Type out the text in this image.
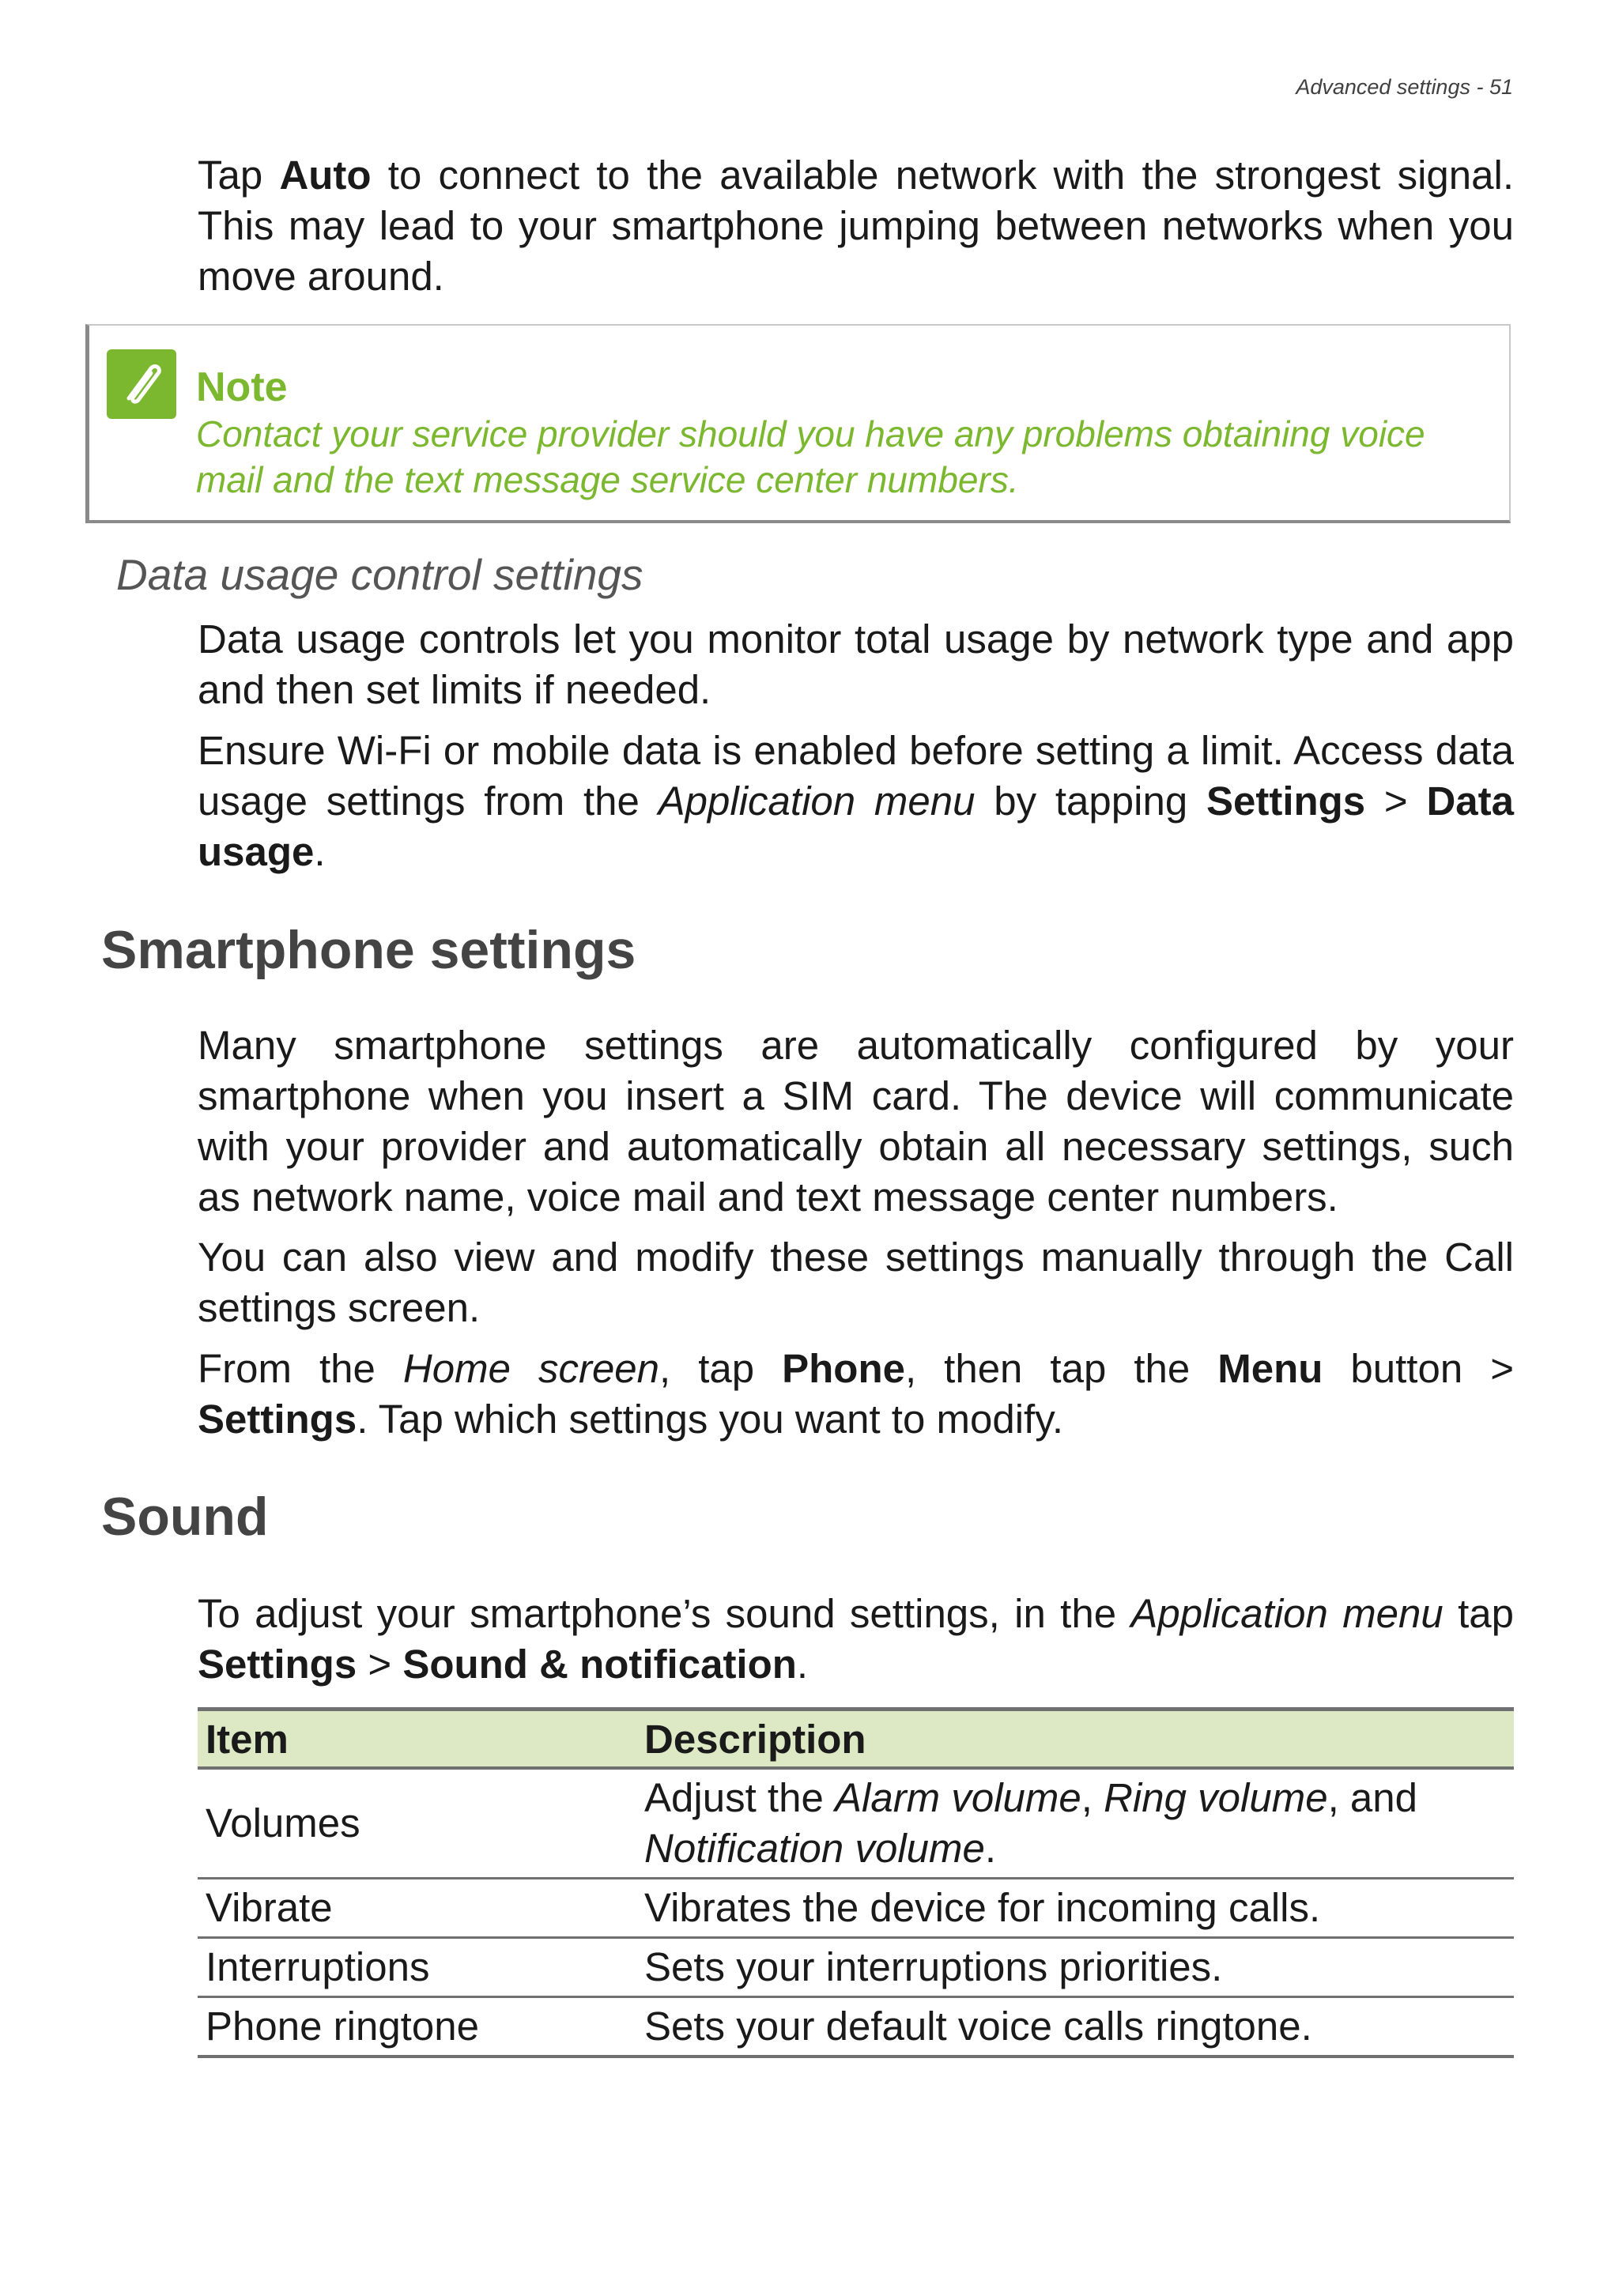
Advanced settings - 51

Tap Auto to connect to the available network with the strongest signal. This may lead to your smartphone jumping between networks when you move around.

Note
Contact your service provider should you have any problems obtaining voice mail and the text message service center numbers.
Data usage control settings

Data usage controls let you monitor total usage by network type and app and then set limits if needed.

Ensure Wi-Fi or mobile data is enabled before setting a limit. Access data usage settings from the Application menu by tapping Settings > Data usage.

Smartphone settings

Many smartphone settings are automatically configured by your smartphone when you insert a SIM card. The device will communicate with your provider and automatically obtain all necessary settings, such as network name, voice mail and text message center numbers.

You can also view and modify these settings manually through the Call settings screen.

From the Home screen, tap Phone, then tap the Menu button > Settings. Tap which settings you want to modify.

Sound

To adjust your smartphone’s sound settings, in the Application menu tap Settings > Sound & notification.

Item	Description
Volumes	Adjust the Alarm volume, Ring volume, and Notification volume.
Vibrate	Vibrates the device for incoming calls.
Interruptions	Sets your interruptions priorities.
Phone ringtone	Sets your default voice calls ringtone.
